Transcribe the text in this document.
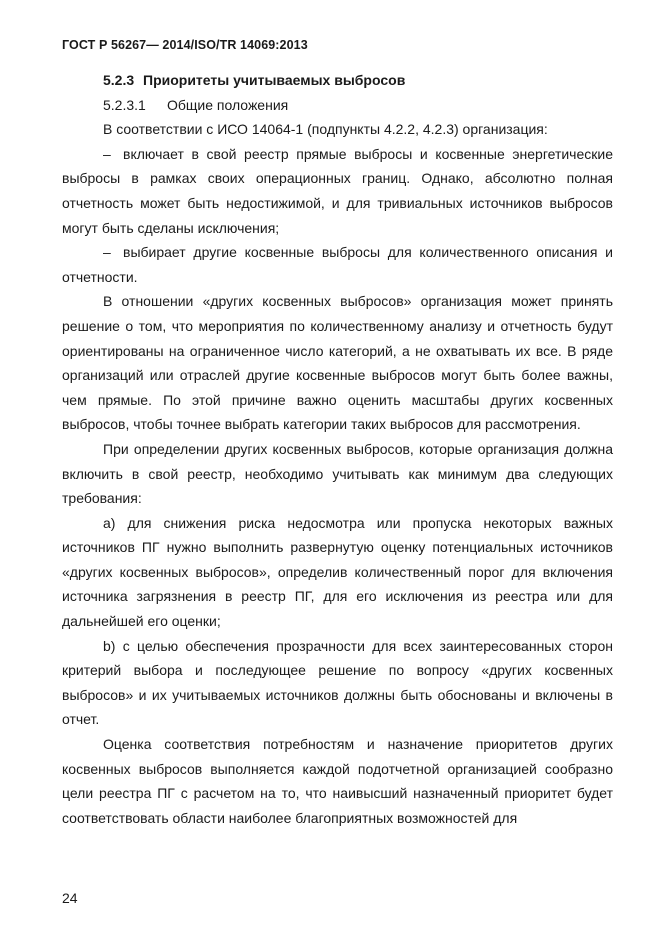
ГОСТ Р 56267— 2014/ISO/TR 14069:2013

5.2.3 Приоритеты учитываемых выбросов

5.2.3.1 Общие положения

В соответствии с ИСО 14064-1 (подпункты 4.2.2, 4.2.3) организация:

– включает в свой реестр прямые выбросы и косвенные энергетические выбросы в рамках своих операционных границ. Однако, абсолютно полная отчетность может быть недостижимой, и для тривиальных источников выбросов могут быть сделаны исключения;

– выбирает другие косвенные выбросы для количественного описания и отчетности.

В отношении «других косвенных выбросов» организация может принять решение о том, что мероприятия по количественному анализу и отчетность будут ориентированы на ограниченное число категорий, а не охватывать их все. В ряде организаций или отраслей другие косвенные выбросов могут быть более важны, чем прямые. По этой причине важно оценить масштабы других косвенных выбросов, чтобы точнее выбрать категории таких выбросов для рассмотрения.

При определении других косвенных выбросов, которые организация должна включить в свой реестр, необходимо учитывать как минимум два следующих требования:

а) для снижения риска недосмотра или пропуска некоторых важных источников ПГ нужно выполнить развернутую оценку потенциальных источников «других косвенных выбросов», определив количественный порог для включения источника загрязнения в реестр ПГ, для его исключения из реестра или для дальнейшей его оценки;

b) с целью обеспечения прозрачности для всех заинтересованных сторон критерий выбора и последующее решение по вопросу «других косвенных выбросов» и их учитываемых источников должны быть обоснованы и включены в отчет.

Оценка соответствия потребностям и назначение приоритетов других косвенных выбросов выполняется каждой подотчетной организацией сообразно цели реестра ПГ с расчетом на то, что наивысший назначенный приоритет будет соответствовать области наиболее благоприятных возможностей для

24
